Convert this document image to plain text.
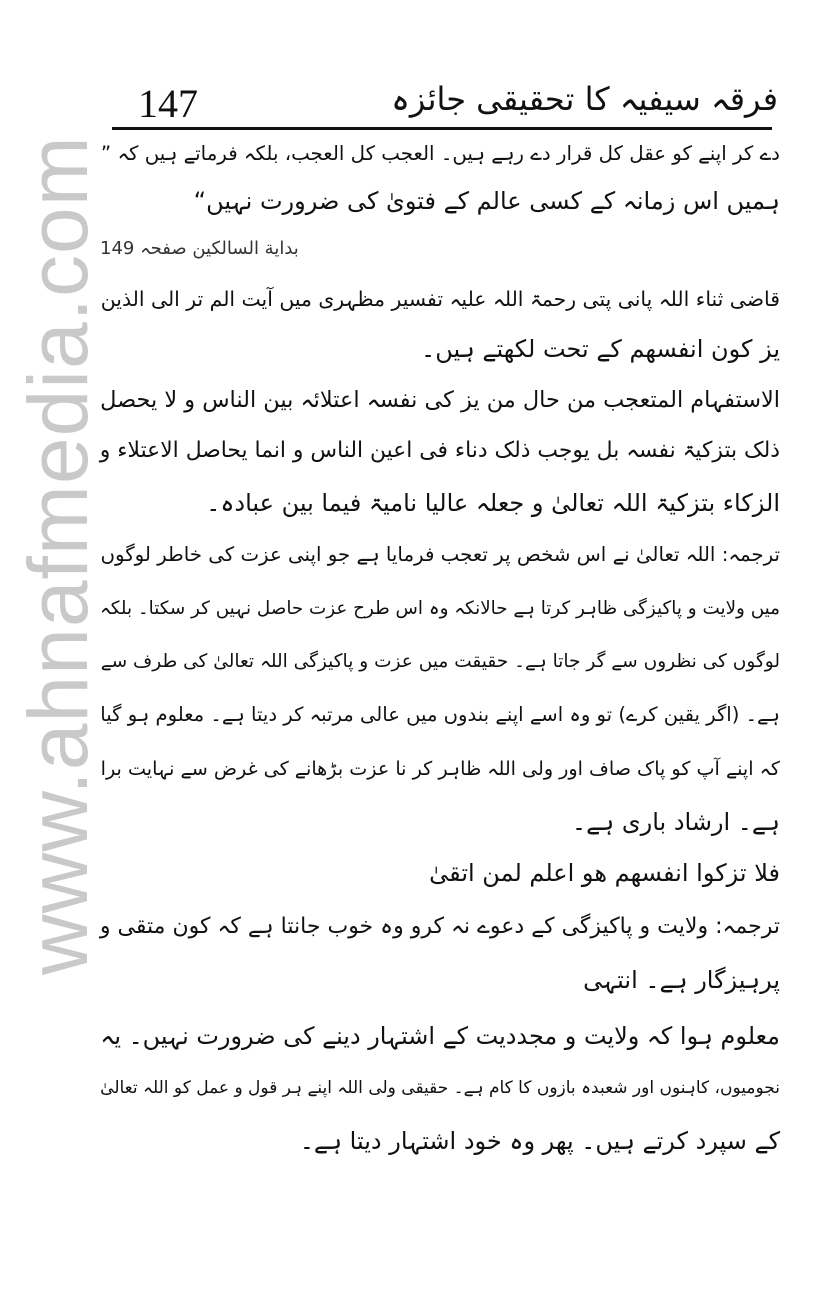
147	فرقہ سیفیہ کا تحقیقی جائزہ
www.ahnafmedia.com
دے کر اپنے کو عقل کل قرار دے رہے ہیں۔ العجب کل العجب، بلکہ فرماتے ہیں کہ ”
ہمیں اس زمانہ کے کسی عالم کے فتویٰ کی ضرورت نہیں“
بداية السالكين صفحہ 149
قاضی ثناء اللہ پانی پتی رحمۃ اللہ علیہ تفسیر مظہری میں آیت الم تر الی الذین
یز کون انفسھم کے تحت لکھتے ہیں۔
الاستفہام المتعجب من حال من یز کی نفسہ اعتلائہ بین الناس و لا یحصل
ذلک بتزکیۃ نفسہ بل یوجب ذلک دناء فی اعین الناس و انما یحاصل الاعتلاء و
الزکاء بتزکیۃ اللہ تعالیٰ و جعلہ عالیا نامیۃ فیما بین عبادہ۔
ترجمہ: اللہ تعالیٰ نے اس شخص پر تعجب فرمایا ہے جو اپنی عزت کی خاطر لوگوں
میں ولایت و پاکیزگی ظاہر کرتا ہے حالانکہ وہ اس طرح عزت حاصل نہیں کر سکتا۔ بلکہ
لوگوں کی نظروں سے گر جاتا ہے۔ حقیقت میں عزت و پاکیزگی اللہ تعالیٰ کی طرف سے
ہے۔ (اگر یقین کرے) تو وہ اسے اپنے بندوں میں عالی مرتبہ کر دیتا ہے۔ معلوم ہو گیا
کہ اپنے آپ کو پاک صاف اور ولی اللہ ظاہر کر نا عزت بڑھانے کی غرض سے نہایت برا
ہے۔ ارشاد باری ہے۔
فلا تزکوا انفسھم ھو اعلم لمن اتقیٰ
ترجمہ: ولایت و پاکیزگی کے دعوے نہ کرو وہ خوب جانتا ہے کہ کون متقی و
پرہیزگار ہے۔ انتہی
معلوم ہوا کہ ولایت و مجددیت کے اشتہار دینے کی ضرورت نہیں۔ یہ
نجومیوں، کاہنوں اور شعبدہ بازوں کا کام ہے۔ حقیقی ولی اللہ اپنے ہر قول و عمل کو اللہ تعالیٰ
کے سپرد کرتے ہیں۔ پھر وہ خود اشتہار دیتا ہے۔
